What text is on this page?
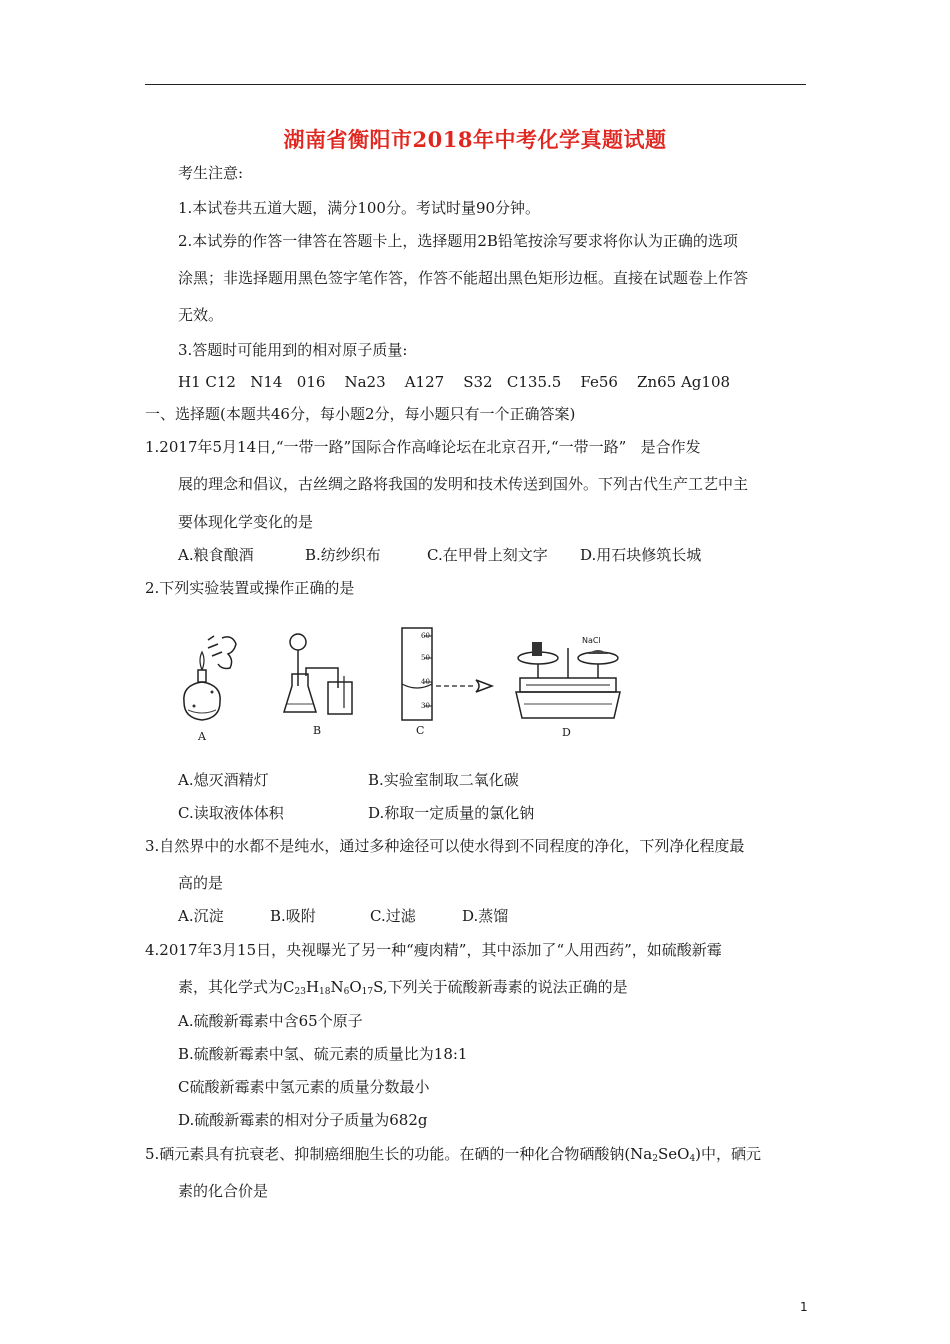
湖南省衡阳市2018年中考化学真题试题
考生注意:
1.本试卷共五道大题，满分100分。考试时量90分钟。
2.本试券的作答一律答在答题卡上，选择题用2B铅笔按涂写要求将你认为正确的选项
涂黑；非选择题用黑色签字笔作答，作答不能超出黑色矩形边框。直接在试题卷上作答
无效。
3.答题时可能用到的相对原子质量:
H1 C12   N14   016    Na23    A127    S32   C135.5    Fe56    Zn65 Ag108
一、选择题(本题共46分，每小题2分，每小题只有一个正确答案)
1.2017年5月14日,“一带一路”国际合作高峰论坛在北京召开,“一带一路”   是合作发
展的理念和倡议，古丝绸之路将我国的发明和技术传送到国外。下列古代生产工艺中主
要体现化学变化的是
A.粮食酿酒	B.纺纱织布	C.在甲骨上刻文字 D.用石块修筑长城
2.下列实验装置或操作正确的是
A	B
60
50
40
30
C
NaCl
D
A.熄灭酒精灯	B.实验室制取二氧化碳
C.读取液体体积	D.称取一定质量的氯化钠
3.自然界中的水都不是纯水，通过多种途径可以使水得到不同程度的净化，下列净化程度最
高的是
A.沉淀	B.吸附	C.过滤	D.蒸馏
4.2017年3月15日，央视曝光了另一种“瘦肉精”，其中添加了“人用西药”，如硫酸新霉
素，其化学式为$C_{23}H_{18}N_6O_{17}S$,下列关于硫酸新毒素的说法正确的是
A.硫酸新霉素中含65个原子
B.硫酸新霉素中氢、硫元素的质量比为18:1
C硫酸新霉素中氢元素的质量分数最小
D.硫酸新霉素的相对分子质量为682g
5.硒元素具有抗衰老、抑制癌细胞生长的功能。在硒的一种化合物硒酸钠$(Na_2SeO_4)$中，硒元
素的化合价是
1
